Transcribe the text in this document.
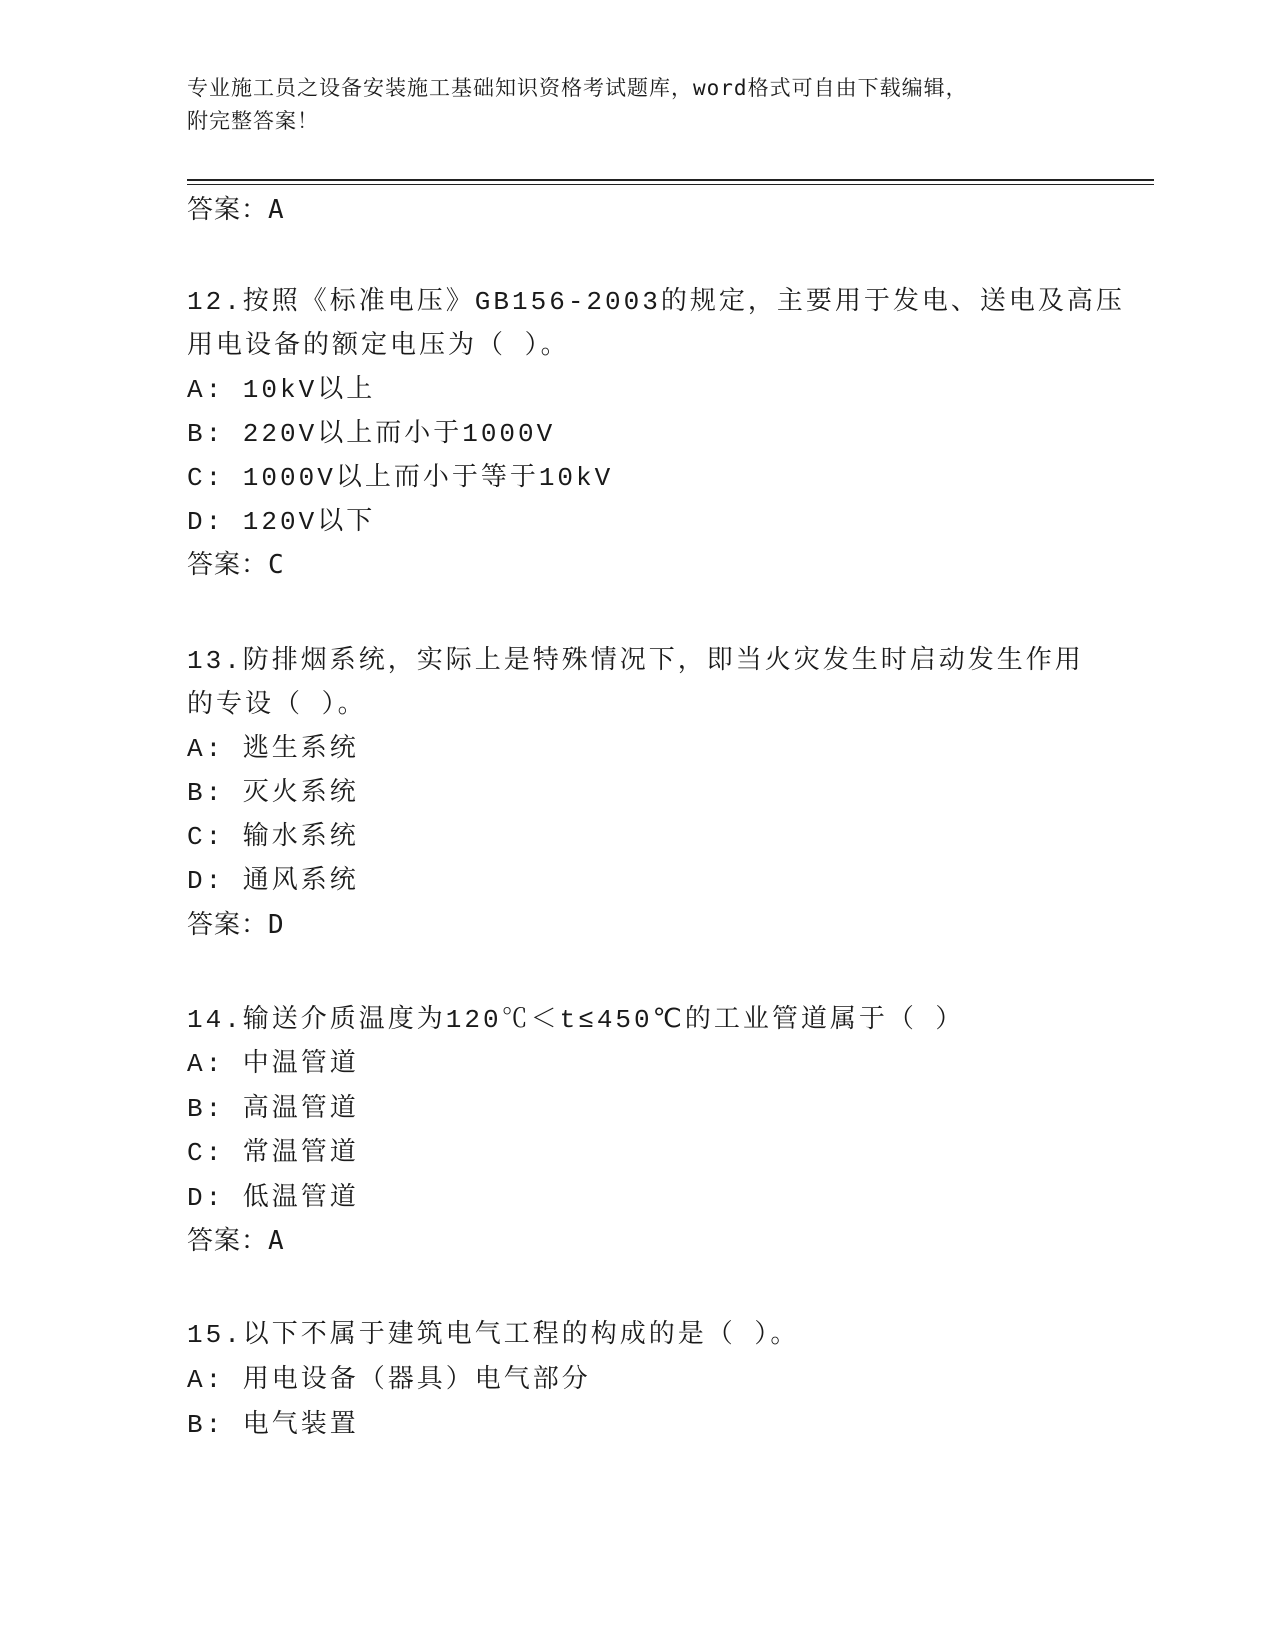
专业施工员之设备安装施工基础知识资格考试题库，word格式可自由下载编辑，
附完整答案！
答案：A
12.按照《标准电压》GB156-2003的规定，主要用于发电、送电及高压
用电设备的额定电压为（ ）。
A: 10kV以上
B: 220V以上而小于1000V
C: 1000V以上而小于等于10kV
D: 120V以下
答案：C
13.防排烟系统，实际上是特殊情况下，即当火灾发生时启动发生作用
的专设（ ）。
A: 逃生系统
B: 灭火系统
C: 输水系统
D: 通风系统
答案：D
14.输送介质温度为120℃＜t≤450℃的工业管道属于（ ）
A: 中温管道
B: 高温管道
C: 常温管道
D: 低温管道
答案：A
15.以下不属于建筑电气工程的构成的是（ ）。
A: 用电设备（器具）电气部分
B: 电气装置
